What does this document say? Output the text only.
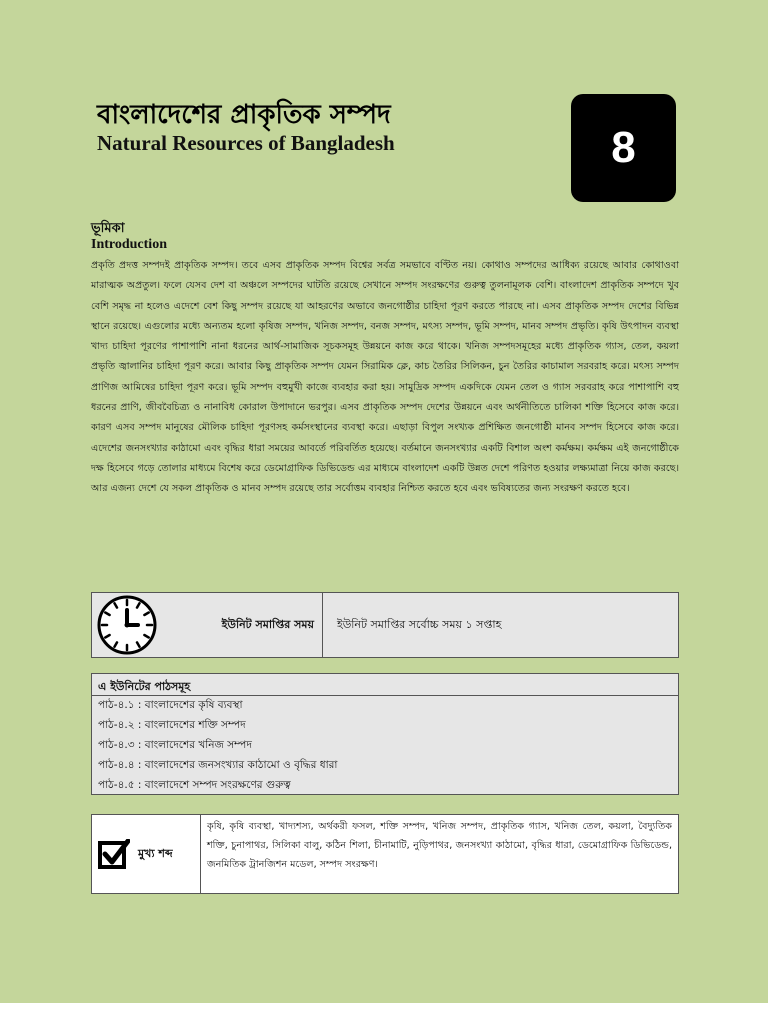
বাংলাদেশের প্রাকৃতিক সম্পদ
Natural Resources of Bangladesh	8
ভূমিকা
Introduction
প্রকৃতি প্রদত্ত সম্পদই প্রাকৃতিক সম্পদ। তবে এসব প্রাকৃতিক সম্পদ বিশ্বের সর্বত্র সমভাবে বণ্টিত নয়। কোথাও সম্পদের আধিক্য রয়েছে আবার কোথাওবা মারাত্মক অপ্রতুল। ফলে যেসব দেশ বা অঞ্চলে সম্পদের ঘাটতি রয়েছে সেখানে সম্পদ সংরক্ষণের গুরুত্ব তুলনামূলক বেশি। বাংলাদেশ প্রাকৃতিক সম্পদে খুব বেশি সমৃদ্ধ না হলেও এদেশে বেশ কিছু সম্পদ রয়েছে যা আহরণের অভাবে জনগোষ্ঠীর চাহিদা পূরণ করতে পারছে না। এসব প্রাকৃতিক সম্পদ দেশের বিভিন্ন স্থানে রয়েছে। এগুলোর মধ্যে অন্যতম হলো কৃষিজ সম্পদ, খনিজ সম্পদ, বনজ সম্পদ, মৎস্য সম্পদ, ভূমি সম্পদ, মানব সম্পদ প্রভৃতি। কৃষি উৎপাদন ব্যবস্থা খাদ্য চাহিদা পূরণের পাশাপাশি নানা ধরনের আর্থ-সামাজিক সূচকসমূহ উন্নয়নে কাজ করে থাকে। খনিজ সম্পদসমূহের মধ্যে প্রাকৃতিক গ্যাস, তেল, কয়লা প্রভৃতি জ্বালানির চাহিদা পূরণ করে। আবার কিছু প্রাকৃতিক সম্পদ যেমন সিরামিক ক্লে, কাচ তৈরির সিলিকন, চুন তৈরির কাচামাল সরবরাহ করে। মৎস্য সম্পদ প্রাণিজ আমিষের চাহিদা পূরণ করে। ভূমি সম্পদ বহুমুখী কাজে ব্যবহার করা হয়। সামুদ্রিক সম্পদ একদিকে যেমন তেল ও গ্যাস সরবরাহ করে পাশাপাশি বহু ধরনের প্রাণি, জীববৈচিত্র্য ও নানাবিধ কোরাল উপাদানে ভরপুর। এসব প্রাকৃতিক সম্পদ দেশের উন্নয়নে এবং অর্থনীতিতে চালিকা শক্তি হিসেবে কাজ করে। কারণ এসব সম্পদ মানুষের মৌলিক চাহিদা পূরণসহ কর্মসংস্থানের ব্যবস্থা করে। এছাড়া বিপুল সংখ্যক প্রশিক্ষিত জনগোষ্ঠী মানব সম্পদ হিসেবে কাজ করে। এদেশের জনসংখ্যার কাঠামো এবং বৃদ্ধির ধারা সময়ের আবর্তে পরিবর্তিত হয়েছে। বর্তমানে জনসংখ্যার একটি বিশাল অংশ কর্মক্ষম। কর্মক্ষম এই জনগোষ্ঠীকে দক্ষ হিসেবে গড়ে তোলার মাধ্যমে বিশেষ করে ডেমোগ্রাফিক ডিভিডেন্ড এর মাধ্যমে বাংলাদেশ একটি উন্নত দেশে পরিণত হওয়ার লক্ষ্যমাত্রা নিয়ে কাজ করছে। আর এজন্য দেশে যে সকল প্রাকৃতিক ও মানব সম্পদ রয়েছে তার সর্বোত্তম ব্যবহার নিশ্চিত করতে হবে এবং ভবিষ্যতের জন্য সংরক্ষণ করতে হবে।
ইউনিট সমাপ্তির সময়	ইউনিট সমাপ্তির সর্বোচ্চ সময় ১ সপ্তাহ
এ ইউনিটের পাঠসমূহ
পাঠ-৪.১ : বাংলাদেশের কৃষি ব্যবস্থা
পাঠ-৪.২ : বাংলাদেশের শক্তি সম্পদ
পাঠ-৪.৩ : বাংলাদেশের খনিজ সম্পদ
পাঠ-৪.৪ : বাংলাদেশের জনসংখ্যার কাঠামো ও বৃদ্ধির ধারা
পাঠ-৪.৫ : বাংলাদেশে সম্পদ সংরক্ষণের গুরুত্ব
মুখ্য শব্দ
কৃষি, কৃষি ব্যবস্থা, খাদ্যশস্য, অর্থকরী ফসল, শক্তি সম্পদ, খনিজ সম্পদ, প্রাকৃতিক গ্যাস, খনিজ তেল, কয়লা, বৈদ্যুতিক শক্তি, চুনাপাথর, সিলিকা বালু, কঠিন শিলা, চীনামাটি, নুড়িপাথর, জনসংখ্যা কাঠামো, বৃদ্ধির ধারা, ডেমোগ্রাফিক ডিভিডেন্ড, জনমিতিক ট্রানজিশন মডেল, সম্পদ সংরক্ষণ।
